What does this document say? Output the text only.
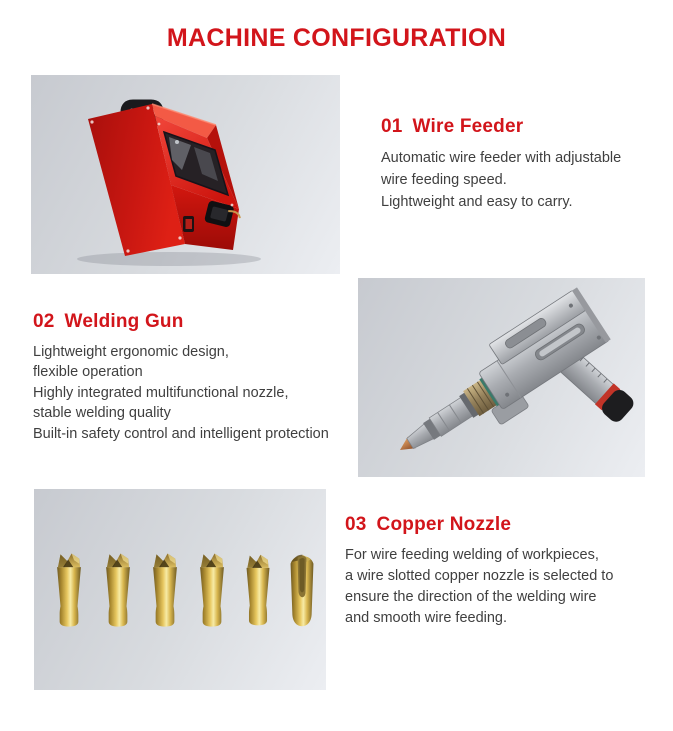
MACHINE CONFIGURATION
01 Wire Feeder

Automatic wire feeder with adjustable

wire feeding speed.

Lightweight and easy to carry.

02 Welding Gun

Lightweight ergonomic design,

flexible operation

Highly integrated multifunctional nozzle,

stable welding quality

Built-in safety control and intelligent protection

03 Copper Nozzle

For wire feeding welding of workpieces,

a wire slotted copper nozzle is selected to

ensure the direction of the welding wire

and smooth wire feeding.
